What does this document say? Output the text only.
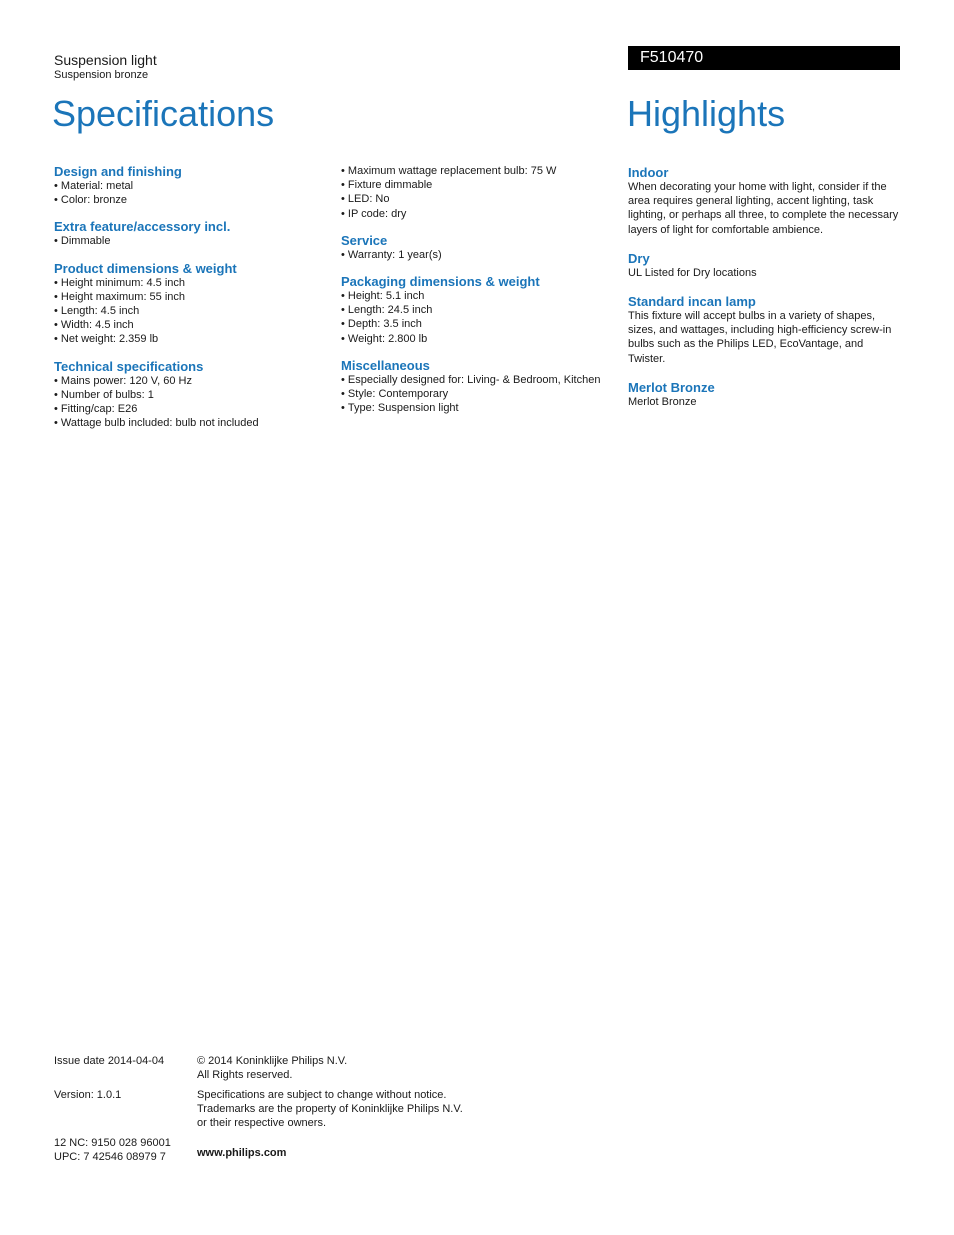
Suspension light
Suspension bronze
F510470
Specifications	Highlights
Design and finishing
• Material: metal
• Color: bronze
Extra feature/accessory incl.
• Dimmable
Product dimensions & weight
• Height minimum: 4.5 inch
• Height maximum: 55 inch
• Length: 4.5 inch
• Width: 4.5 inch
• Net weight: 2.359 lb
Technical specifications
• Mains power: 120 V, 60 Hz
• Number of bulbs: 1
• Fitting/cap: E26
• Wattage bulb included: bulb not included
• Maximum wattage replacement bulb: 75 W
• Fixture dimmable
• LED: No
• IP code: dry
Service
• Warranty: 1 year(s)
Packaging dimensions & weight
• Height: 5.1 inch
• Length: 24.5 inch
• Depth: 3.5 inch
• Weight: 2.800 lb
Miscellaneous
• Especially designed for: Living- & Bedroom, Kitchen
• Style: Contemporary
• Type: Suspension light
Indoor
When decorating your home with light, consider if the area requires general lighting, accent lighting, task lighting, or perhaps all three, to complete the necessary layers of light for comfortable ambience.
Dry
UL Listed for Dry locations
Standard incan lamp
This fixture will accept bulbs in a variety of shapes, sizes, and wattages, including high-efficiency screw-in bulbs such as the Philips LED, EcoVantage, and Twister.
Merlot Bronze
Merlot Bronze
Issue date 2014-04-04
Version: 1.0.1
12 NC: 9150 028 96001
UPC: 7 42546 08979 7
© 2014 Koninklijke Philips N.V.
All Rights reserved.
Specifications are subject to change without notice.
Trademarks are the property of Koninklijke Philips N.V.
or their respective owners.
www.philips.com
